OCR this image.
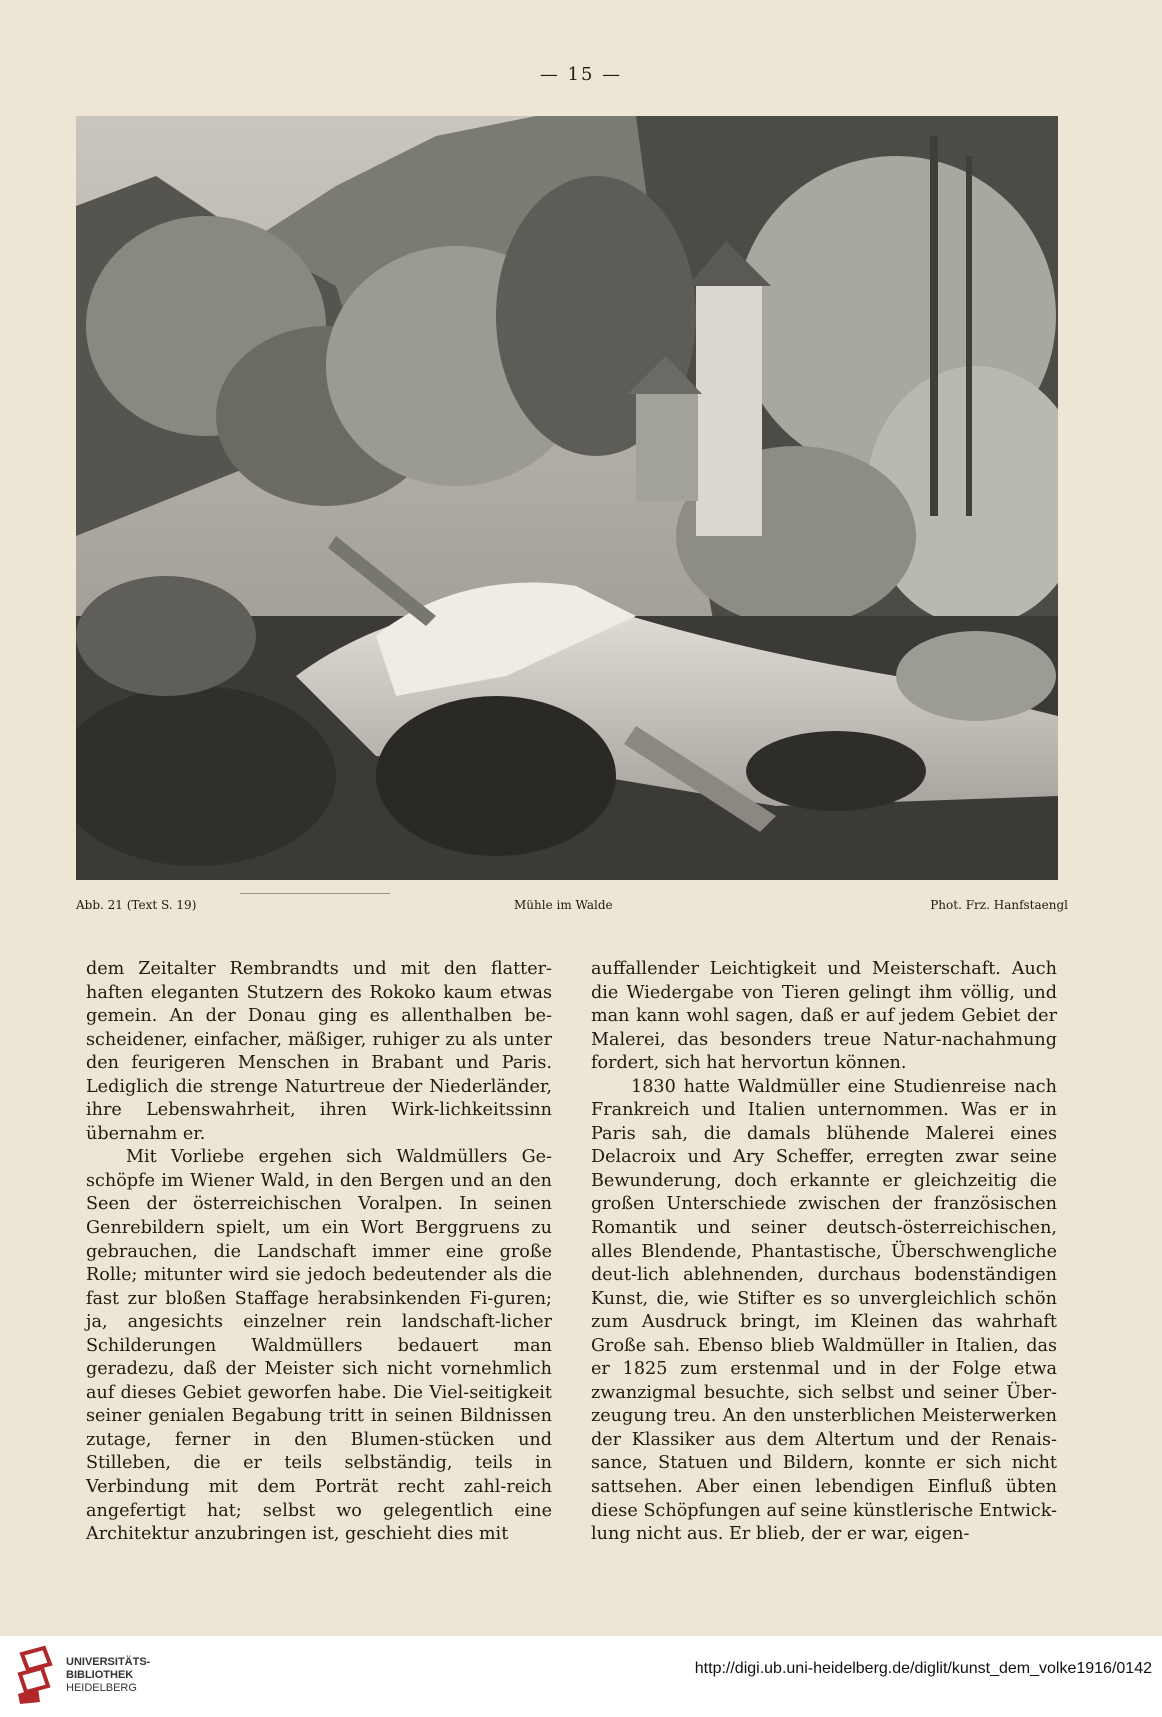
— 15 —
Abb. 21 (Text S. 19)	Mühle im Walde	Phot. Frz. Hanfstaengl

dem Zeitalter Rembrandts und mit den flatter-haften eleganten Stutzern des Rokoko kaum etwas gemein. An der Donau ging es allenthalben be-scheidener, einfacher, mäßiger, ruhiger zu als unter den feurigeren Menschen in Brabant und Paris. Lediglich die strenge Naturtreue der Niederländer, ihre Lebenswahrheit, ihren Wirk-lichkeitssinn übernahm er.

Mit Vorliebe ergehen sich Waldmüllers Ge-schöpfe im Wiener Wald, in den Bergen und an den Seen der österreichischen Voralpen. In seinen Genrebildern spielt, um ein Wort Berggruens zu gebrauchen, die Landschaft immer eine große Rolle; mitunter wird sie jedoch bedeutender als die fast zur bloßen Staffage herabsinkenden Fi-guren; ja, angesichts einzelner rein landschaft-licher Schilderungen Waldmüllers bedauert man geradezu, daß der Meister sich nicht vornehmlich auf dieses Gebiet geworfen habe. Die Viel-seitigkeit seiner genialen Begabung tritt in seinen Bildnissen zutage, ferner in den Blumen-stücken und Stilleben, die er teils selbständig, teils in Verbindung mit dem Porträt recht zahl-reich angefertigt hat; selbst wo gelegentlich eine Architektur anzubringen ist, geschieht dies mit

auffallender Leichtigkeit und Meisterschaft. Auch die Wiedergabe von Tieren gelingt ihm völlig, und man kann wohl sagen, daß er auf jedem Gebiet der Malerei, das besonders treue Natur-nachahmung fordert, sich hat hervortun können.

1830 hatte Waldmüller eine Studienreise nach Frankreich und Italien unternommen. Was er in Paris sah, die damals blühende Malerei eines Delacroix und Ary Scheffer, erregten zwar seine Bewunderung, doch erkannte er gleichzeitig die großen Unterschiede zwischen der französischen Romantik und seiner deutsch-österreichischen, alles Blendende, Phantastische, Überschwengliche deut-lich ablehnenden, durchaus bodenständigen Kunst, die, wie Stifter es so unvergleichlich schön zum Ausdruck bringt, im Kleinen das wahrhaft Große sah. Ebenso blieb Waldmüller in Italien, das er 1825 zum erstenmal und in der Folge etwa zwanzigmal besuchte, sich selbst und seiner Über-zeugung treu. An den unsterblichen Meisterwerken der Klassiker aus dem Altertum und der Renais-sance, Statuen und Bildern, konnte er sich nicht sattsehen. Aber einen lebendigen Einfluß übten diese Schöpfungen auf seine künstlerische Entwick-lung nicht aus. Er blieb, der er war, eigen-

UNIVERSITÄTS-
BIBLIOTHEK
HEIDELBERG
http://digi.ub.uni-heidelberg.de/diglit/kunst_dem_volke1916/0142
